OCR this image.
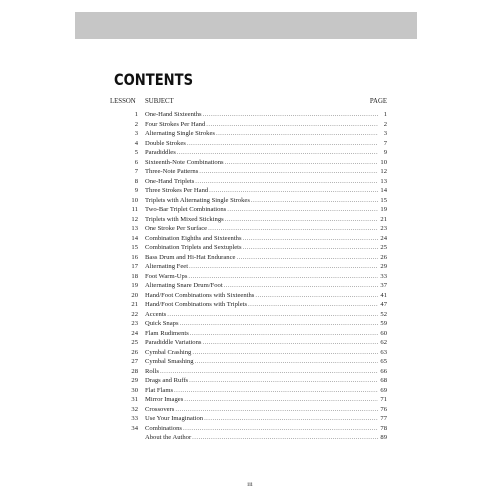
CONTENTS
LESSON SUBJECT	PAGE
1 One-Hand Sixteenths . . .	1
2 Four Strokes Per Hand . . .	2
3 Alternating Single Strokes . . .	3
4 Double Strokes . . .	7
5 Paradiddles . . .	9
6 Sixteenth-Note Combinations . . .	10
7 Three-Note Patterns . . .	12
8 One-Hand Triplets . . .	13
9 Three Strokes Per Hand . . .	14
10 Triplets with Alternating Single Strokes . . .	15
11 Two-Bar Triplet Combinations . . .	19
12 Triplets with Mixed Stickings . . .	21
13 One Stroke Per Surface . . .	23
14 Combination Eighths and Sixteenths . . .	24
15 Combination Triplets and Sextuplets . . .	25
16 Bass Drum and Hi-Hat Endurance . . .	26
17 Alternating Feet . . .	29
18 Foot Warm-Ups . . .	33
19 Alternating Snare Drum/Foot . . .	37
20 Hand/Foot Combinations with Sixteenths . . .	41
21 Hand/Foot Combinations with Triplets . . .	47
22 Accents . . .	52
23 Quick Snaps . . .	59
24 Flam Rudiments . . .	60
25 Paradiddle Variations . . .	62
26 Cymbal Crashing . . .	63
27 Cymbal Smashing . . .	65
28 Rolls . . .	66
29 Drags and Ruffs . . .	68
30 Flat Flams . . .	69
31 Mirror Images . . .	71
32 Crossovers . . .	76
33 Use Your Imagination . . .	77
34 Combinations . . .	78
About the Author . . .	89
iii
